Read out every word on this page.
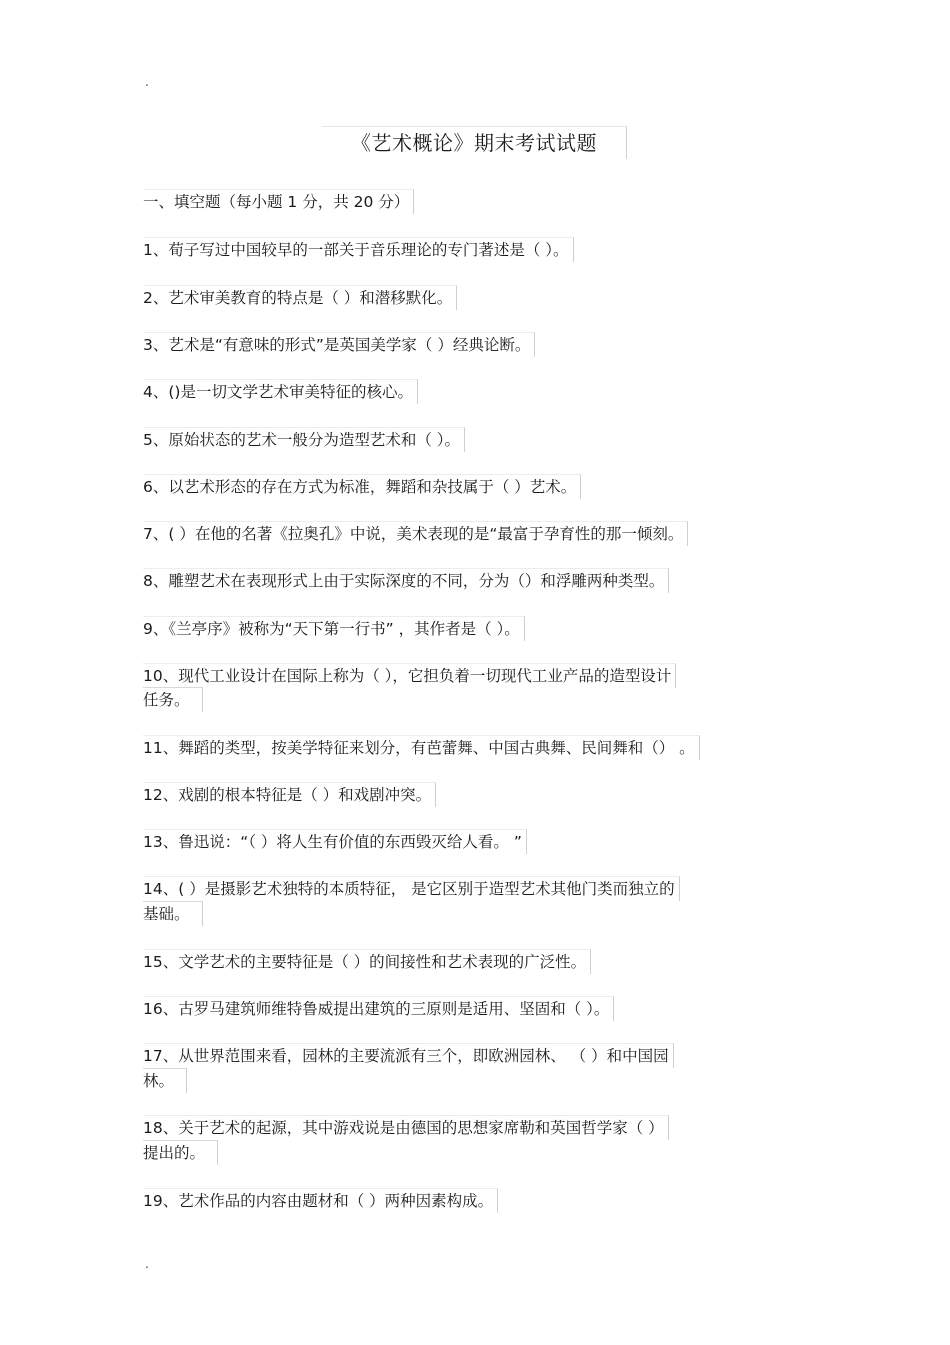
.
《艺术概论》期末考试试题
一、填空题（每小题 1 分，共 20 分）
1、荀子写过中国较早的一部关于音乐理论的专门著述是（ ）。
2、艺术审美教育的特点是（ ）和潜移默化。
3、艺术是“有意味的形式”是英国美学家（ ）经典论断。
4、()是一切文学艺术审美特征的核心。
5、原始状态的艺术一般分为造型艺术和（ ）。
6、以艺术形态的存在方式为标准，舞蹈和杂技属于（ ）艺术。
7、( ）在他的名著《拉奥孔》中说，美术表现的是“最富于孕育性的那一倾刻。
8、雕塑艺术在表现形式上由于实际深度的不同，分为（）和浮雕两种类型。
9、《兰亭序》被称为“天下第一行书” ，其作者是（ ）。
10、现代工业设计在国际上称为（ ），它担负着一切现代工业产品的造型设计
任务。
11、舞蹈的类型，按美学特征来划分，有芭蕾舞、中国古典舞、民间舞和（） 。
12、戏剧的根本特征是（ ）和戏剧冲突。
13、鲁迅说：“（ ）将人生有价值的东西毁灭给人看。 ”
14、( ）是摄影艺术独特的本质特征， 是它区别于造型艺术其他门类而独立的
基础。
15、文学艺术的主要特征是（ ）的间接性和艺术表现的广泛性。
16、古罗马建筑师维特鲁威提出建筑的三原则是适用、坚固和（ ）。
17、从世界范围来看，园林的主要流派有三个，即欧洲园林、 （ ）和中国园
林。
18、关于艺术的起源，其中游戏说是由德国的思想家席勒和英国哲学家（ ）
提出的。
19、艺术作品的内容由题材和（ ）两种因素构成。
.
